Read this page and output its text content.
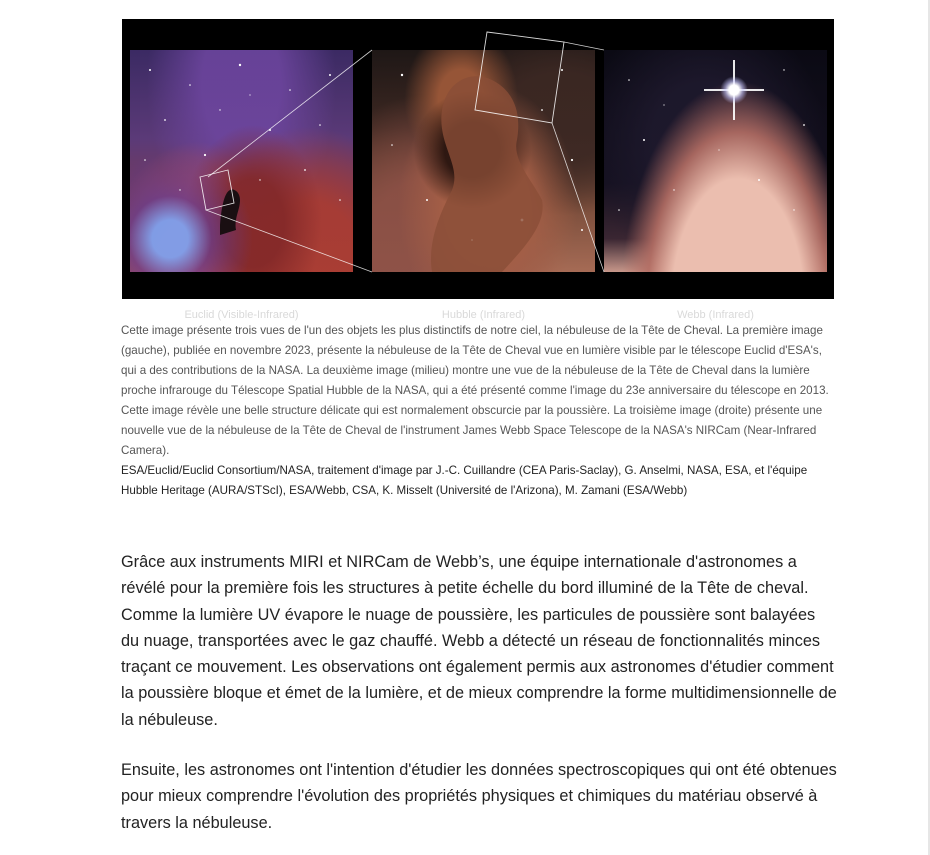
Euclid (Visible-Infrared)	Hubble (Infrared)	Webb (Infrared)

Cette image présente trois vues de l'un des objets les plus distinctifs de notre ciel, la nébuleuse de la Tête de Cheval. La première image (gauche), publiée en novembre 2023, présente la nébuleuse de la Tête de Cheval vue en lumière visible par le télescope Euclid d'ESA's, qui a des contributions de la NASA. La deuxième image (milieu) montre une vue de la nébuleuse de la Tête de Cheval dans la lumière proche infrarouge du Télescope Spatial Hubble de la NASA, qui a été présenté comme l'image du 23e anniversaire du télescope en 2013. Cette image révèle une belle structure délicate qui est normalement obscurcie par la poussière. La troisième image (droite) présente une nouvelle vue de la nébuleuse de la Tête de Cheval de l'instrument James Webb Space Telescope de la NASA's NIRCam (Near-Infrared Camera).

ESA/Euclid/Euclid Consortium/NASA, traitement d'image par J.-C. Cuillandre (CEA Paris-Saclay), G. Anselmi, NASA, ESA, et l'équipe Hubble Heritage (AURA/STScI), ESA/Webb, CSA, K. Misselt (Université de l'Arizona), M. Zamani (ESA/Webb)

Grâce aux instruments MIRI et NIRCam de Webb’s, une équipe internationale d'astronomes a révélé pour la première fois les structures à petite échelle du bord illuminé de la Tête de cheval. Comme la lumière UV évapore le nuage de poussière, les particules de poussière sont balayées du nuage, transportées avec le gaz chauffé. Webb a détecté un réseau de fonctionnalités minces traçant ce mouvement. Les observations ont également permis aux astronomes d'étudier comment la poussière bloque et émet de la lumière, et de mieux comprendre la forme multidimensionnelle de la nébuleuse.

Ensuite, les astronomes ont l'intention d'étudier les données spectroscopiques qui ont été obtenues pour mieux comprendre l'évolution des propriétés physiques et chimiques du matériau observé à travers la nébuleuse.
